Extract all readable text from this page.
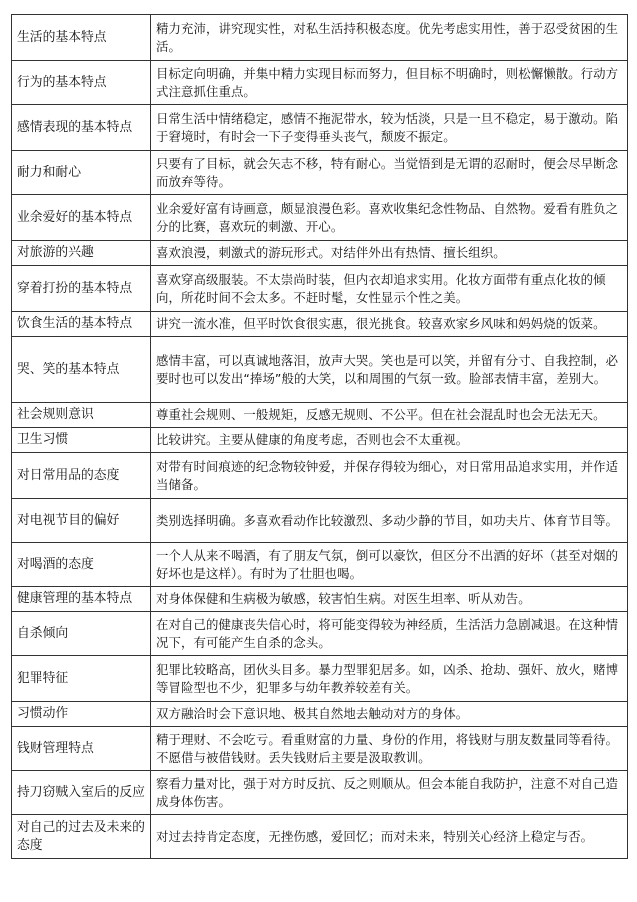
生活的基本特点	精力充沛，讲究现实性，对私生活持积极态度。优先考虑实用性，善于忍受贫困的生活。
行为的基本特点	目标定向明确，并集中精力实现目标而努力，但目标不明确时，则松懈懒散。行动方式注意抓住重点。
感情表现的基本特点	日常生活中情绪稳定，感情不拖泥带水，较为恬淡，只是一旦不稳定，易于激动。陷于窘境时，有时会一下子变得垂头丧气，颓废不振定。
耐力和耐心	只要有了目标，就会矢志不移，特有耐心。当觉悟到是无谓的忍耐时，便会尽早断念而放弃等待。
业余爱好的基本特点	业余爱好富有诗画意，颇显浪漫色彩。喜欢收集纪念性物品、自然物。爱看有胜负之分的比赛，喜欢玩的刺激、开心。
对旅游的兴趣	喜欢浪漫，刺激式的游玩形式。对结伴外出有热情、擅长组织。
穿着打扮的基本特点	喜欢穿高级服装。不太崇尚时装，但内衣却追求实用。化妆方面带有重点化妆的倾向，所花时间不会太多。不赶时髦，女性显示个性之美。
饮食生活的基本特点	讲究一流水准，但平时饮食很实惠，很光挑食。较喜欢家乡风味和妈妈烧的饭菜。
哭、笑的基本特点	感情丰富，可以真诚地落泪，放声大哭。笑也是可以笑，并留有分寸、自我控制，必要时也可以发出“捧场”般的大笑，以和周围的气氛一致。脸部表情丰富，差别大。
社会规则意识	尊重社会规则、一般规矩，反感无规则、不公平。但在社会混乱时也会无法无天。
卫生习惯	比较讲究。主要从健康的角度考虑，否则也会不太重视。
对日常用品的态度	对带有时间痕迹的纪念物较钟爱，并保存得较为细心，对日常用品追求实用，并作适当储备。
对电视节目的偏好	类别选择明确。多喜欢看动作比较激烈、多动少静的节目，如功夫片、体育节目等。
对喝酒的态度	一个人从来不喝酒，有了朋友气氛，倒可以豪饮，但区分不出酒的好坏（甚至对烟的好坏也是这样）。有时为了壮胆也喝。
健康管理的基本特点	对身体保健和生病极为敏感，较害怕生病。对医生坦率、听从劝告。
自杀倾向	在对自己的健康丧失信心时，将可能变得较为神经质，生活活力急剧减退。在这种情况下，有可能产生自杀的念头。
犯罪特征	犯罪比较略高，团伙头目多。暴力型罪犯居多。如，凶杀、抢劫、强奸、放火，赌博等冒险型也不少，犯罪多与幼年教养较差有关。
习惯动作	双方融洽时会下意识地、极其自然地去触动对方的身体。
钱财管理特点	精于理财、不会吃亏。看重财富的力量、身份的作用，将钱财与朋友数量同等看待。不愿借与被借钱财。丢失钱财后主要是汲取教训。
持刀窃贼入室后的反应	察看力量对比，强于对方时反抗、反之则顺从。但会本能自我防护，注意不对自己造成身体伤害。
对自己的过去及未来的态度	对过去持肯定态度，无挫伤感，爱回忆；而对未来，特别关心经济上稳定与否。
